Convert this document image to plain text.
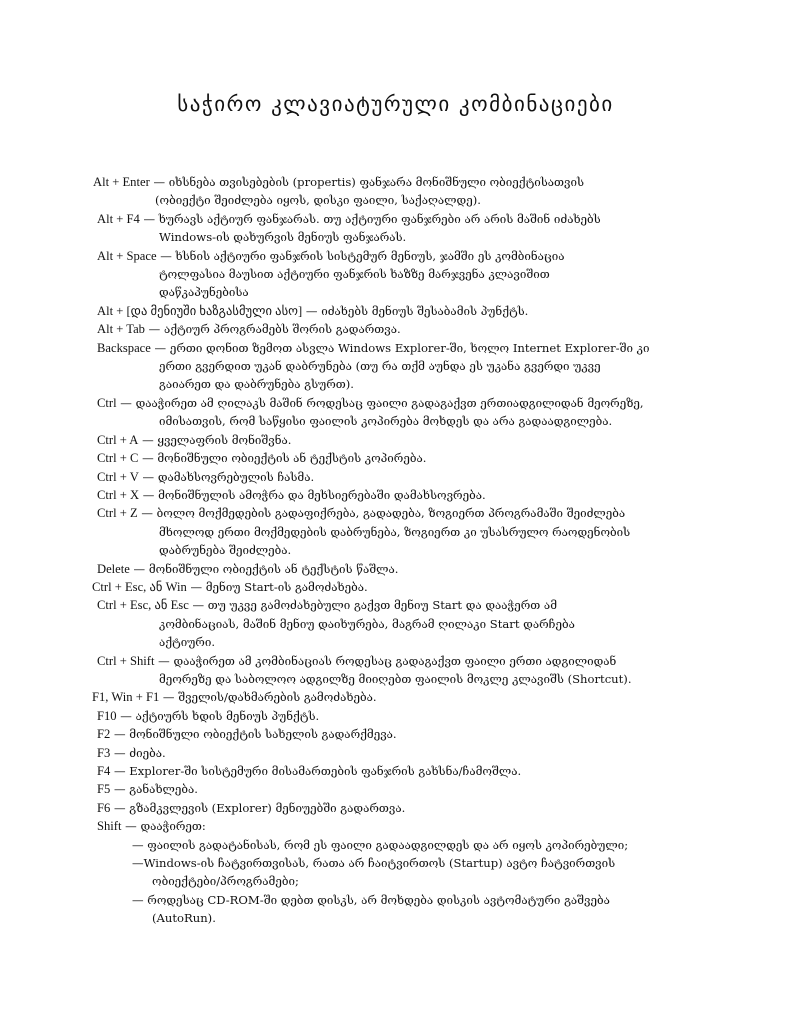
საჭირო კლავიატურული კომბინაციები
Alt + Enter — იხსნება თვისებების (propertis) ფანჯარა მონიშნული ობიექტისათვის
(ობიექტი შეიძლება იყოს, დისკი ფაილი, საქაღალდე).
Alt + F4 — ხურავს აქტიურ ფანჯარას. თუ აქტიური ფანჯრები არ არის მაშინ იძახებს
Windows-ის დახურვის მენიუს ფანჯარას.
Alt + Space — ხსნის აქტიური ფანჯრის სისტემურ მენიუს, ჯამში ეს კომბინაცია
ტოლფასია მაუსით აქტიური ფანჯრის ხაზზე მარჯვენა კლავიშით
დაწკაპუნებისა
Alt + [და მენიუში ხაზგასმული ასო] — იძახებს მენიუს შესაბამის პუნქტს.
Alt + Tab — აქტიურ პროგრამებს შორის გადართვა.
Backspace — ერთი დონით ზემოთ ასვლა Windows Explorer-ში, ხოლო Internet Explorer-ში კი
ერთი გვერდით უკან დაბრუნება (თუ რა თქმ აუნდა ეს უკანა გვერდი უკვე
გაიარეთ და დაბრუნება გსურთ).
Ctrl — დააჭირეთ ამ ღილაკს მაშინ როდესაც ფაილი გადაგაქვთ ერთიადგილიდან მეორეზე,
იმისათვის, რომ საწყისი ფაილის კოპირება მოხდეს და არა გადაადგილება.
Ctrl + A — ყველაფრის მონიშვნა.
Ctrl + C — მონიშნული ობიექტის ან ტექსტის კოპირება.
Ctrl + V — დამახსოვრებულის ჩასმა.
Ctrl + X — მონიშნულის ამოჭრა და მეხსიერებაში დამახსოვრება.
Ctrl + Z — ბოლო მოქმედების გადაფიქრება, გადადება, ზოგიერთ პროგრამაში შეიძლება
მხოლოდ ერთი მოქმედების დაბრუნება, ზოგიერთ კი უსასრულო რაოდენობის
დაბრუნება შეიძლება.
Delete — მონიშნული ობიექტის ან ტექსტის წაშლა.
Ctrl + Esc, ან Win — მენიუ Start-ის გამოძახება.
Ctrl + Esc, ან Esc — თუ უკვე გამოძახებული გაქვთ მენიუ Start და დააჭერთ ამ
კომბინაციას, მაშინ მენიუ დაიხურება, მაგრამ ღილაკი Start დარჩება
აქტიური.
Ctrl + Shift — დააჭირეთ ამ კომბინაციას როდესაც გადაგაქვთ ფაილი ერთი ადგილიდან
მეორეზე და საბოლოო ადგილზე მიიღებთ ფაილის მოკლე კლავიშს (Shortcut).
F1, Win + F1 — შველის/დახმარების გამოძახება.
F10 — აქტიურს ხდის მენიუს პუნქტს.
F2 — მონიშნული ობიექტის სახელის გადარქმევა.
F3 — ძიება.
F4 — Explorer-ში სისტემური მისამართების ფანჯრის გახსნა/ჩამოშლა.
F5 — განახლება.
F6 — გზამკვლევის (Explorer) მენიუებში გადართვა.
Shift — დააჭირეთ:
— ფაილის გადატანისას, რომ ეს ფაილი გადაადგილდეს და არ იყოს კოპირებული;
—Windows-ის ჩატვირთვისას, რათა არ ჩაიტვირთოს (Startup) ავტო ჩატვირთვის
ობიექტები/პროგრამები;
— როდესაც CD-ROM-ში დებთ დისკს, არ მოხდება დისკის ავტომატური გაშვება
(AutoRun).
